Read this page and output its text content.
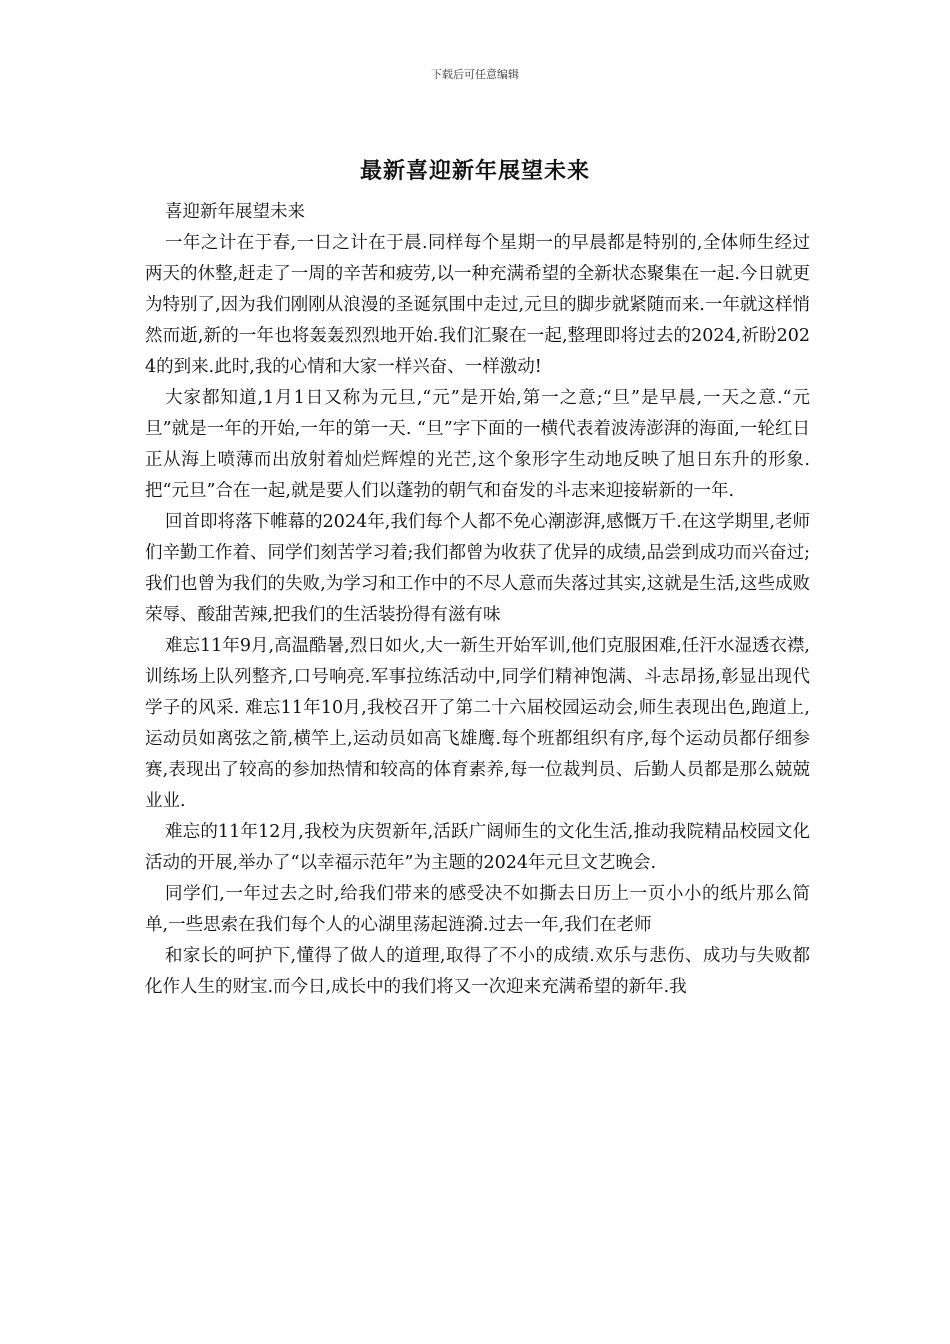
下载后可任意编辑
最新喜迎新年展望未来

喜迎新年展望未来

一年之计在于春,一日之计在于晨.同样每个星期一的早晨都是特别的,全体师生经过两天的休整,赶走了一周的辛苦和疲劳,以一种充满希望的全新状态聚集在一起.今日就更为特别了,因为我们刚刚从浪漫的圣诞氛围中走过,元旦的脚步就紧随而来.一年就这样悄然而逝,新的一年也将轰轰烈烈地开始.我们汇聚在一起,整理即将过去的2024,祈盼2024的到来.此时,我的心情和大家一样兴奋、一样激动!

大家都知道,1月1日又称为元旦,“元”是开始,第一之意;“旦”是早晨,一天之意.“元旦”就是一年的开始,一年的第一天. “旦”字下面的一横代表着波涛澎湃的海面,一轮红日正从海上喷薄而出放射着灿烂辉煌的光芒,这个象形字生动地反映了旭日东升的形象. 把“元旦”合在一起,就是要人们以蓬勃的朝气和奋发的斗志来迎接崭新的一年.

回首即将落下帷幕的2024年,我们每个人都不免心潮澎湃,感慨万千.在这学期里,老师们辛勤工作着、同学们刻苦学习着;我们都曾为收获了优异的成绩,品尝到成功而兴奋过;我们也曾为我们的失败,为学习和工作中的不尽人意而失落过其实,这就是生活,这些成败荣辱、酸甜苦辣,把我们的生活装扮得有滋有味

难忘11年9月,高温酷暑,烈日如火,大一新生开始军训,他们克服困难,任汗水湿透衣襟,训练场上队列整齐,口号响亮.军事拉练活动中,同学们精神饱满、斗志昂扬,彰显出现代学子的风采. 难忘11年10月,我校召开了第二十六届校园运动会,师生表现出色,跑道上,运动员如离弦之箭,横竿上,运动员如高飞雄鹰.每个班都组织有序,每个运动员都仔细参赛,表现出了较高的参加热情和较高的体育素养,每一位裁判员、后勤人员都是那么兢兢业业.

难忘的11年12月,我校为庆贺新年,活跃广阔师生的文化生活,推动我院精品校园文化活动的开展,举办了“以幸福示范年”为主题的2024年元旦文艺晚会.

同学们,一年过去之时,给我们带来的感受决不如撕去日历上一页小小的纸片那么简单,一些思索在我们每个人的心湖里荡起涟漪.过去一年,我们在老师

和家长的呵护下,懂得了做人的道理,取得了不小的成绩.欢乐与悲伤、成功与失败都化作人生的财宝.而今日,成长中的我们将又一次迎来充满希望的新年.我
